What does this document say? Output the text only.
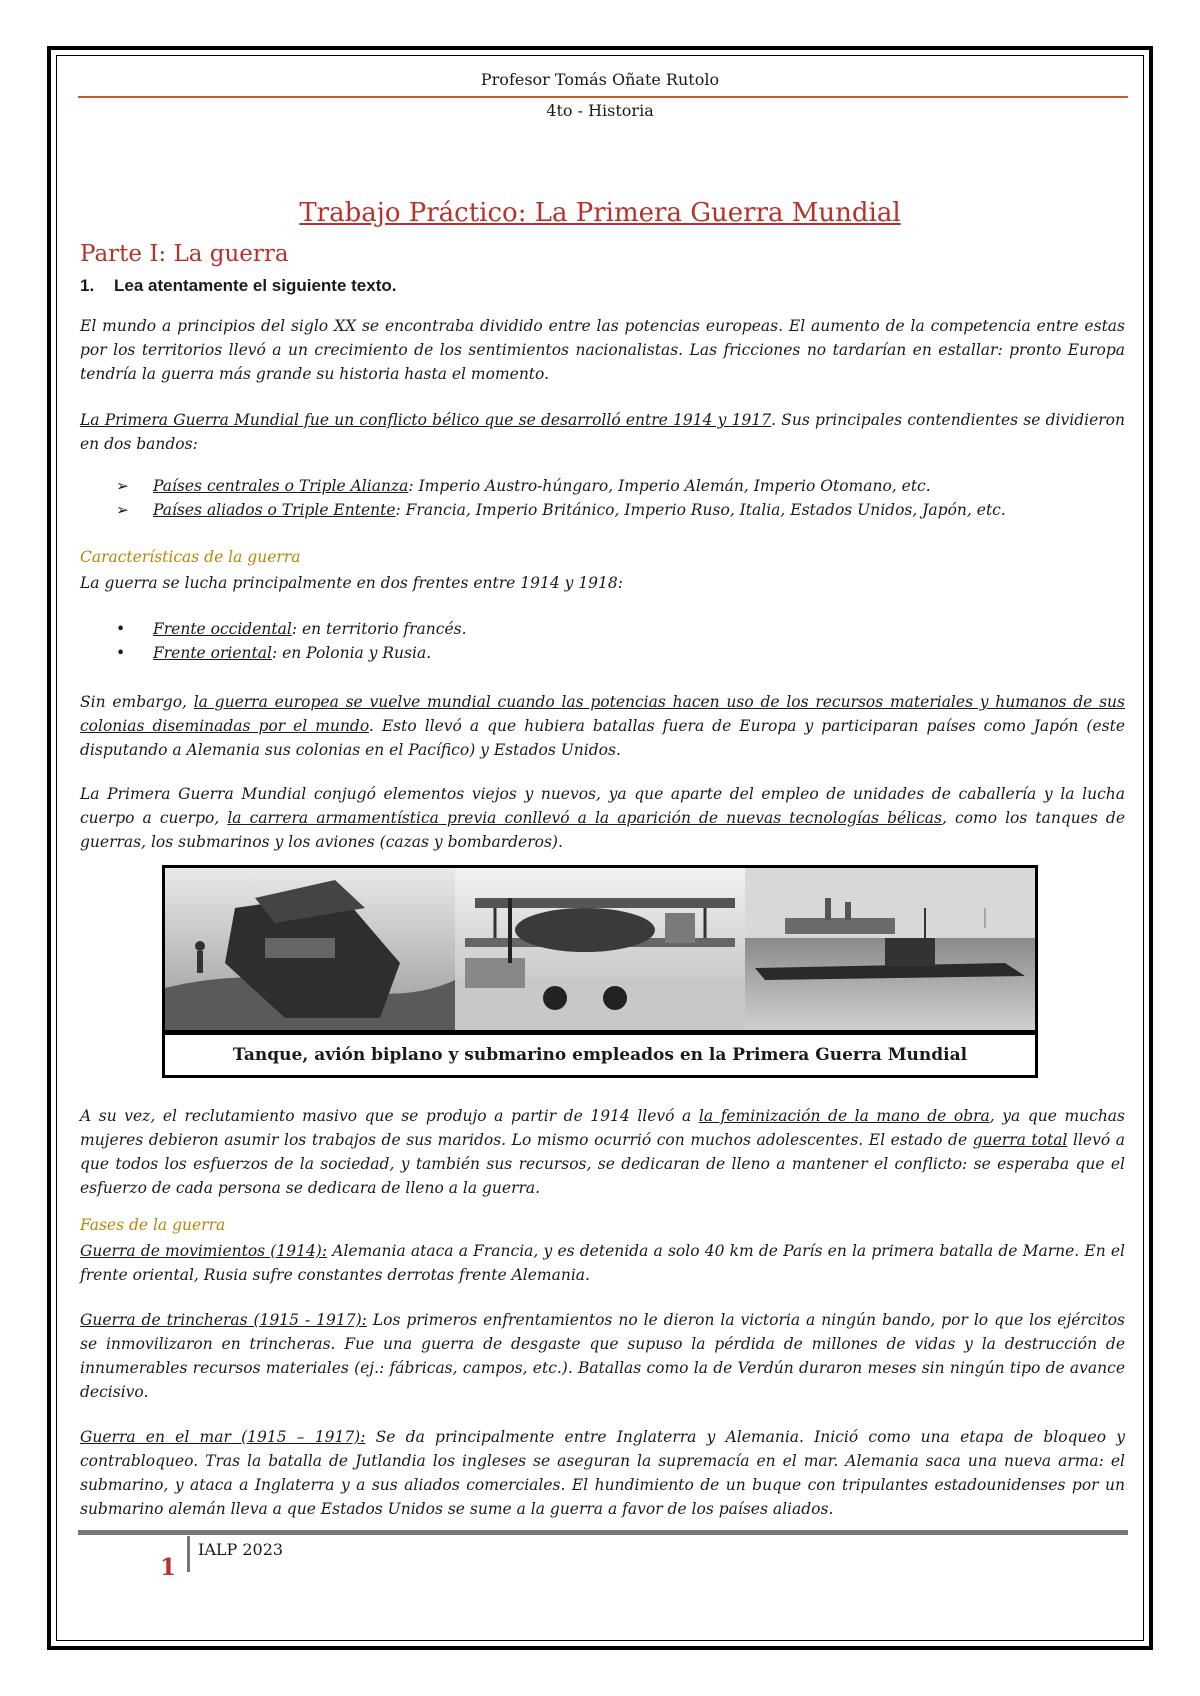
Profesor Tomás Oñate Rutolo
4to - Historia
Trabajo Práctico: La Primera Guerra Mundial
Parte I: La guerra
1. Lea atentamente el siguiente texto.
El mundo a principios del siglo XX se encontraba dividido entre las potencias europeas. El aumento de la competencia entre estas por los territorios llevó a un crecimiento de los sentimientos nacionalistas. Las fricciones no tardarían en estallar: pronto Europa tendría la guerra más grande su historia hasta el momento.
La Primera Guerra Mundial fue un conflicto bélico que se desarrolló entre 1914 y 1917. Sus principales contendientes se dividieron en dos bandos:
➢ Países centrales o Triple Alianza: Imperio Austro-húngaro, Imperio Alemán, Imperio Otomano, etc.
➢ Países aliados o Triple Entente: Francia, Imperio Británico, Imperio Ruso, Italia, Estados Unidos, Japón, etc.
Características de la guerra
La guerra se lucha principalmente en dos frentes entre 1914 y 1918:
• Frente occidental: en territorio francés.
• Frente oriental: en Polonia y Rusia.
Sin embargo, la guerra europea se vuelve mundial cuando las potencias hacen uso de los recursos materiales y humanos de sus colonias diseminadas por el mundo. Esto llevó a que hubiera batallas fuera de Europa y participaran países como Japón (este disputando a Alemania sus colonias en el Pacífico) y Estados Unidos.
La Primera Guerra Mundial conjugó elementos viejos y nuevos, ya que aparte del empleo de unidades de caballería y la lucha cuerpo a cuerpo, la carrera armamentística previa conllevó a la aparición de nuevas tecnologías bélicas, como los tanques de guerras, los submarinos y los aviones (cazas y bombarderos).
Tanque, avión biplano y submarino empleados en la Primera Guerra Mundial
A su vez, el reclutamiento masivo que se produjo a partir de 1914 llevó a la feminización de la mano de obra, ya que muchas mujeres debieron asumir los trabajos de sus maridos. Lo mismo ocurrió con muchos adolescentes. El estado de guerra total llevó a que todos los esfuerzos de la sociedad, y también sus recursos, se dedicaran de lleno a mantener el conflicto: se esperaba que el esfuerzo de cada persona se dedicara de lleno a la guerra.
Fases de la guerra
Guerra de movimientos (1914): Alemania ataca a Francia, y es detenida a solo 40 km de París en la primera batalla de Marne. En el frente oriental, Rusia sufre constantes derrotas frente Alemania.
Guerra de trincheras (1915 - 1917): Los primeros enfrentamientos no le dieron la victoria a ningún bando, por lo que los ejércitos se inmovilizaron en trincheras. Fue una guerra de desgaste que supuso la pérdida de millones de vidas y la destrucción de innumerables recursos materiales (ej.: fábricas, campos, etc.). Batallas como la de Verdún duraron meses sin ningún tipo de avance decisivo.
Guerra en el mar (1915 – 1917): Se da principalmente entre Inglaterra y Alemania. Inició como una etapa de bloqueo y contrabloqueo. Tras la batalla de Jutlandia los ingleses se aseguran la supremacía en el mar. Alemania saca una nueva arma: el submarino, y ataca a Inglaterra y a sus aliados comerciales. El hundimiento de un buque con tripulantes estadounidenses por un submarino alemán lleva a que Estados Unidos se sume a la guerra a favor de los países aliados.
1
IALP 2023
